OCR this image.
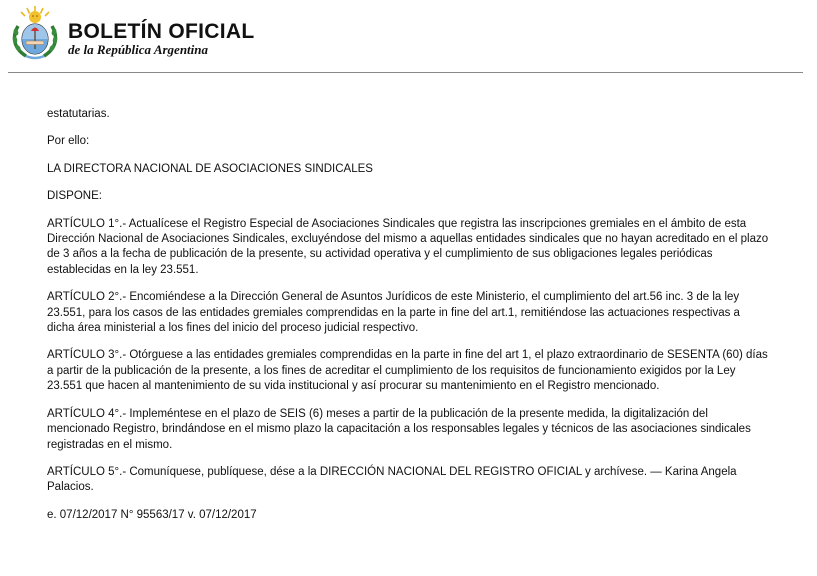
BOLETÍN OFICIAL
de la República Argentina

estatutarias.

Por ello:

LA DIRECTORA NACIONAL DE ASOCIACIONES SINDICALES

DISPONE:

ARTÍCULO 1°.- Actualícese el Registro Especial de Asociaciones Sindicales que registra las inscripciones gremiales en el ámbito de esta Dirección Nacional de Asociaciones Sindicales, excluyéndose del mismo a aquellas entidades sindicales que no hayan acreditado en el plazo de 3 años a la fecha de publicación de la presente, su actividad operativa y el cumplimiento de sus obligaciones legales periódicas establecidas en la ley 23.551.

ARTÍCULO 2°.- Encomiéndese a la Dirección General de Asuntos Jurídicos de este Ministerio, el cumplimiento del art.56 inc. 3 de la ley 23.551, para los casos de las entidades gremiales comprendidas en la parte in fine del art.1, remitiéndose las actuaciones respectivas a dicha área ministerial a los fines del inicio del proceso judicial respectivo.

ARTÍCULO 3°.- Otórguese a las entidades gremiales comprendidas en la parte in fine del art 1, el plazo extraordinario de SESENTA (60) días a partir de la publicación de la presente, a los fines de acreditar el cumplimiento de los requisitos de funcionamiento exigidos por la Ley 23.551 que hacen al mantenimiento de su vida institucional y así procurar su mantenimiento en el Registro mencionado.

ARTÍCULO 4°.- Impleméntese en el plazo de SEIS (6) meses a partir de la publicación de la presente medida, la digitalización del mencionado Registro, brindándose en el mismo plazo la capacitación a los responsables legales y técnicos de las asociaciones sindicales registradas en el mismo.

ARTÍCULO 5°.- Comuníquese, publíquese, dése a la DIRECCIÓN NACIONAL DEL REGISTRO OFICIAL y archívese. — Karina Angela Palacios.

e. 07/12/2017 N° 95563/17 v. 07/12/2017
